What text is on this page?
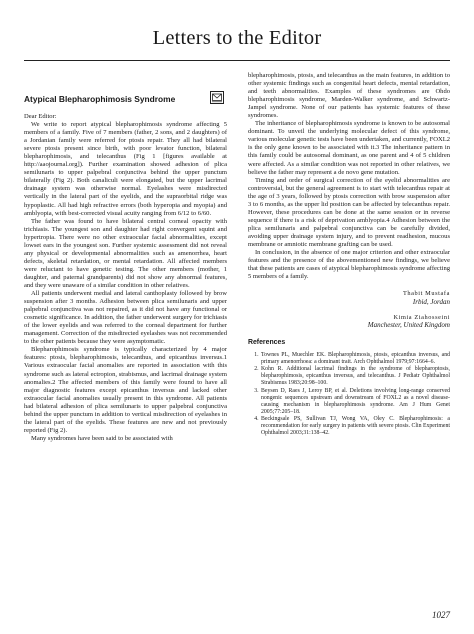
Letters to the Editor
Atypical Blepharophimosis Syndrome

Dear Editor:

We write to report atypical blepharophimosis syndrome affecting 5 members of a family. Five of 7 members (father, 2 sons, and 2 daughters) of a Jordanian family were referred for ptosis repair. They all had bilateral severe ptosis present since birth, with poor levator function, bilateral blepharophimosis, and telecanthus (Fig 1 [figures available at http://aaojournal.org]). Further examination showed adhesion of plica semilunaris to upper palpebral conjunctiva behind the upper punctum bilaterally (Fig 2). Both canaliculi were elongated, but the upper lacrimal drainage system was otherwise normal. Eyelashes were misdirected vertically in the lateral part of the eyelids, and the supraorbital ridge was hypoplastic. All had high refractive errors (both hyperopia and myopia) and amblyopia, with best-corrected visual acuity ranging from 6/12 to 6/60.

The father was found to have bilateral central corneal opacity with trichiasis. The youngest son and daughter had right convergent squint and hypertropia. There were no other extraocular facial abnormalities, except lowset ears in the youngest son. Further systemic assessment did not reveal any physical or developmental abnormalities such as amenorrhea, heart defects, skeletal retardation, or mental retardation. All affected members were reluctant to have genetic testing. The other members (mother, 1 daughter, and paternal grandparents) did not show any abnormal features, and they were unaware of a similar condition in other relatives.

All patients underwent medial and lateral canthoplasty followed by brow suspension after 3 months. Adhesion between plica semilunaris and upper palpebral conjunctiva was not repaired, as it did not have any functional or cosmetic significance. In addition, the father underwent surgery for trichiasis of the lower eyelids and was referred to the corneal department for further management. Correction of the misdirected eyelashes was not recommended to the other patients because they were asymptomatic.

Blepharophimosis syndrome is typically characterized by 4 major features: ptosis, blepharophimosis, telecanthus, and epicanthus inversus.1 Various extraocular facial anomalies are reported in association with this syndrome such as lateral ectropion, strabismus, and lacrimal drainage system anomalies.2 The affected members of this family were found to have all major diagnostic features except epicanthus inversus and lacked other extraocular facial anomalies usually present in this syndrome. All patients had bilateral adhesion of plica semilunaris to upper palpebral conjunctiva behind the upper punctum in addition to vertical misdirection of eyelashes in the lateral part of the eyelids. These features are new and not previously reported (Fig 2).

Many syndromes have been said to be associated with

blepharophimosis, ptosis, and telecanthus as the main features, in addition to other systemic findings such as congenital heart defects, mental retardation, and teeth abnormalities. Examples of these syndromes are Ohdo blepharophimosis syndrome, Marden-Walker syndrome, and Schwartz-Jampel syndrome. None of our patients has systemic features of these syndromes.

The inheritance of blepharophimosis syndrome is known to be autosomal dominant. To unveil the underlying molecular defect of this syndrome, various molecular genetic tests have been undertaken, and currently, FOXL2 is the only gene known to be associated with it.3 The inheritance pattern in this family could be autosomal dominant, as one parent and 4 of 5 children were affected. As a similar condition was not reported in other relatives, we believe the father may represent a de novo gene mutation.

Timing and order of surgical correction of the eyelid abnormalities are controversial, but the general agreement is to start with telecanthus repair at the age of 3 years, followed by ptosis correction with brow suspension after 3 to 6 months, as the upper lid position can be affected by telecanthus repair. However, these procedures can be done at the same session or in reverse sequence if there is a risk of deprivation amblyopia.4 Adhesion between the plica semilunaris and palpebral conjunctiva can be carefully divided, avoiding upper drainage system injury, and to prevent readhesion, mucous membrane or amniotic membrane grafting can be used.

In conclusion, in the absence of one major criterion and other extraocular features and the presence of the abovementioned new findings, we believe that these patients are cases of atypical blepharophimosis syndrome affecting 5 members of a family.

Thabit Mustafa
Irbid, Jordan
Kimia Ziahosseini
Manchester, United Kingdom
References
1. Townes PL, Muechler EK. Blepharophimosis, ptosis, epicanthus inversus, and primary amenorrhoea: a dominant trait. Arch Ophthalmol 1979;97:1664–6.
2. Kohn R. Additional lacrimal findings in the syndrome of blepharoptosis, blepharophimosis, epicanthus inversus, and telecanthus. J Pediatr Ophthalmol Strabismus 1983;20:98–100.
3. Beysen D, Raes J, Leroy BP, et al. Deletions involving long-range conserved nongenic sequences upstream and downstream of FOXL2 as a novel disease-causing mechanism in blepharophimosis syndrome. Am J Hum Genet 2005;77:205–18.
4. Beckingsale PS, Sullivan TJ, Wong VA, Oley C. Blepharophimosis: a recommendation for early surgery in patients with severe ptosis. Clin Experiment Ophthalmol 2003;31:138–42.
1027
